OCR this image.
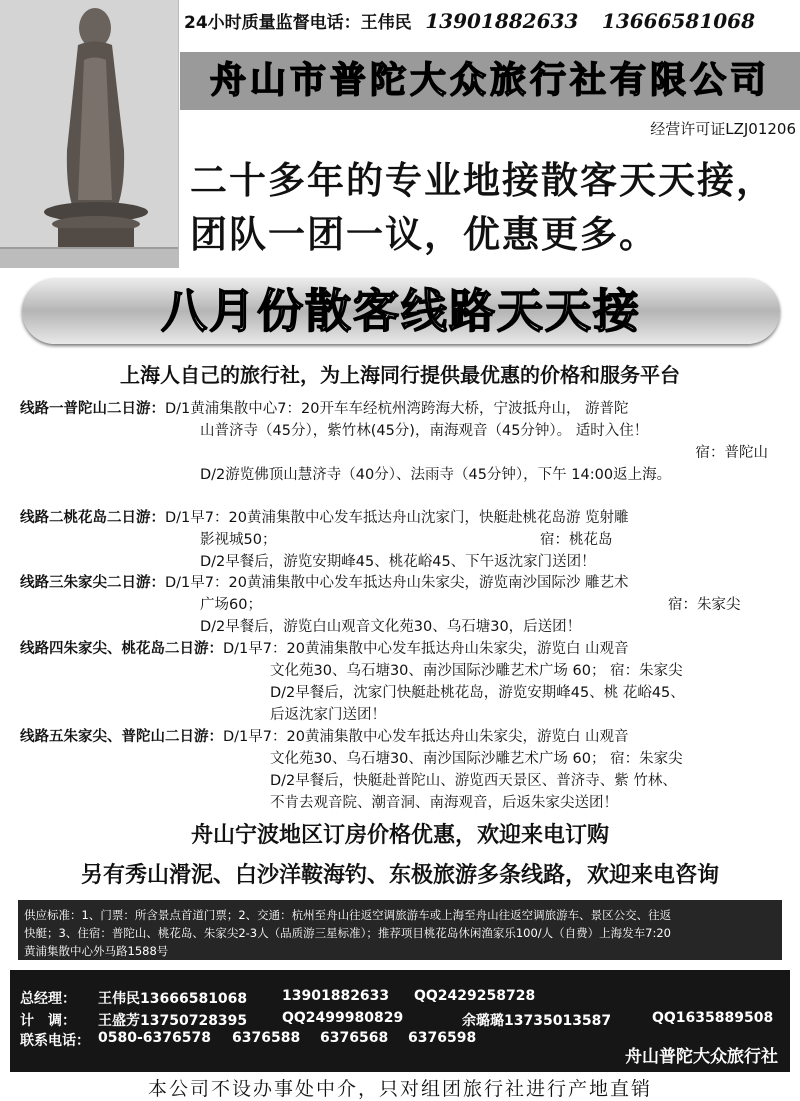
24小时质量监督电话：王伟民 13901882633 13666581068
舟山市普陀大众旅行社有限公司
经营许可证LZJ01206
二十多年的专业地接散客天天接，
团队一团一议，优惠更多。
八月份散客线路天天接
上海人自己的旅行社，为上海同行提供最优惠的价格和服务平台
线路一普陀山二日游：D/1黄浦集散中心7：20开车车经杭州湾跨海大桥，宁波抵舟山， 游普陀
山普济寺（45分），紫竹林(45分)，南海观音（45分钟）。 适时入住！
宿：普陀山
D/2游览佛顶山慧济寺（40分）、法雨寺（45分钟），下午 14:00返上海。
线路二桃花岛二日游：D/1早7：20黄浦集散中心发车抵达舟山沈家门，快艇赴桃花岛游 览射雕
影视城50；	宿：桃花岛
D/2早餐后，游览安期峰45、桃花峪45、下午返沈家门送团！
线路三朱家尖二日游：D/1早7：20黄浦集散中心发车抵达舟山朱家尖，游览南沙国际沙 雕艺术
广场60；	宿：朱家尖
D/2早餐后，游览白山观音文化苑30、乌石塘30，后送团！
线路四朱家尖、桃花岛二日游：D/1早7：20黄浦集散中心发车抵达舟山朱家尖，游览白 山观音
文化苑30、乌石塘30、南沙国际沙雕艺术广场 60； 宿：朱家尖
D/2早餐后，沈家门快艇赴桃花岛，游览安期峰45、桃 花峪45、
后返沈家门送团！
线路五朱家尖、普陀山二日游：D/1早7：20黄浦集散中心发车抵达舟山朱家尖，游览白 山观音
文化苑30、乌石塘30、南沙国际沙雕艺术广场 60； 宿：朱家尖
D/2早餐后，快艇赴普陀山、游览西天景区、普济寺、紫 竹林、
不肯去观音院、潮音洞、南海观音，后返朱家尖送团！
舟山宁波地区订房价格优惠，欢迎来电订购
另有秀山滑泥、白沙洋鞍海钓、东极旅游多条线路，欢迎来电咨询
供应标准：1、门票：所含景点首道门票；2、交通：杭州至舟山往返空调旅游车或上海至舟山往返空调旅游车、景区公交、往返
快艇；3、住宿：普陀山、桃花岛、朱家尖2-3人（品质游三星标准）；推荐项目桃花岛休闲渔家乐100/人（自费）上海发车7:20
黄浦集散中心外马路1588号
总经理： 王伟民13666581068 13901882633 QQ2429258728
计　调： 王盛芳13750728395 QQ2499980829	余璐璐13735013587	QQ1635889508
联系电话： 0580-6376578 6376588 6376568 6376598
舟山普陀大众旅行社
本公司不设办事处中介，只对组团旅行社进行产地直销
